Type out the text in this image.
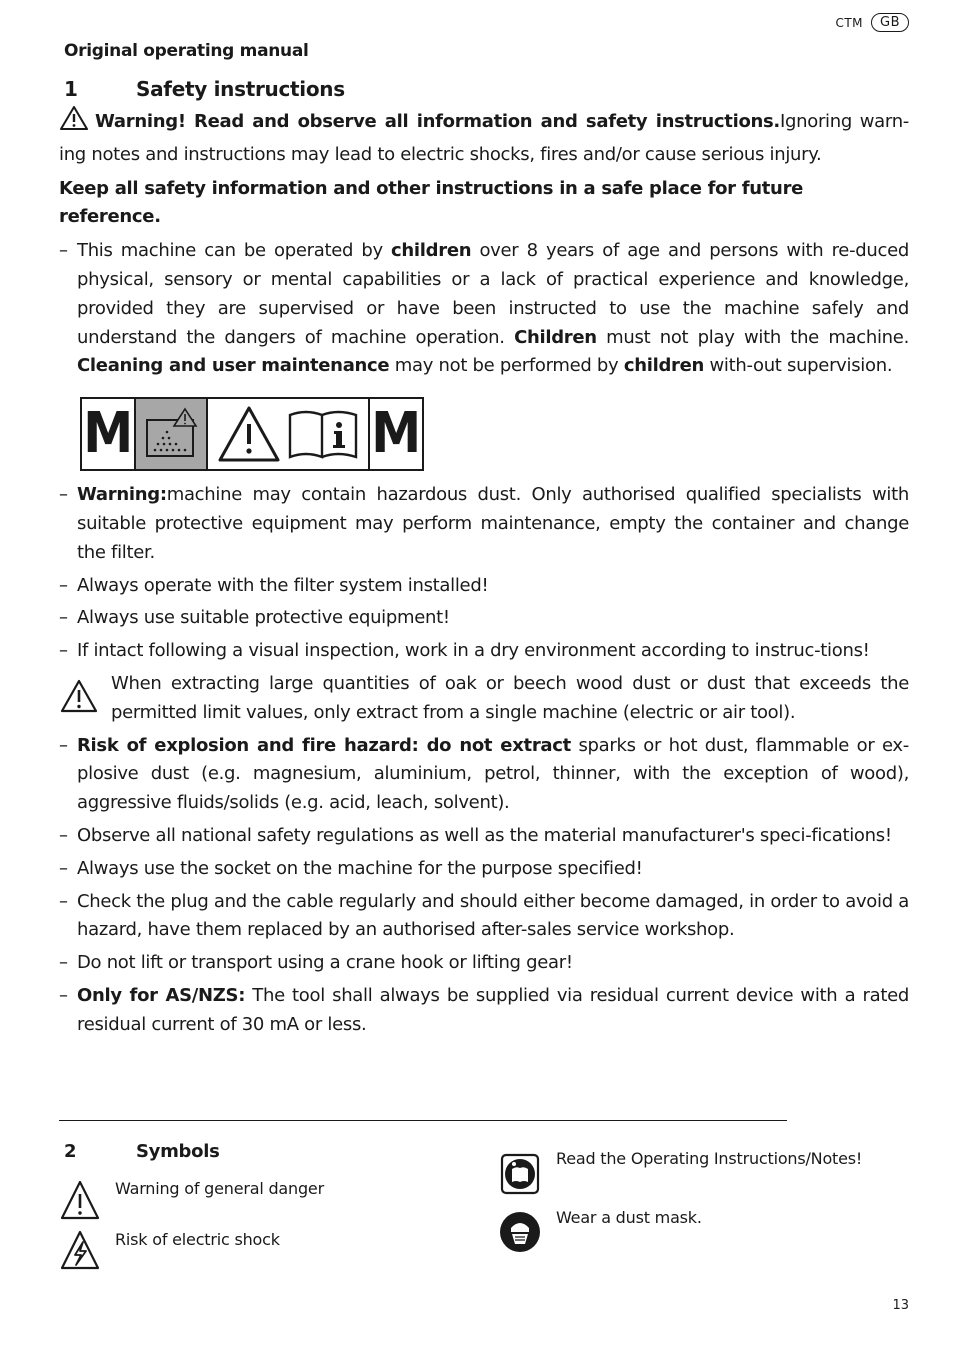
CTM	GB
Original operating manual
1	Safety instructions

Warning! Read and observe all information and safety instructions.Ignoring warn-ing notes and instructions may lead to electric shocks, fires and/or cause serious injury.

Keep all safety information and other instructions in a safe place for future reference.

– This machine can be operated by children over 8 years of age and persons with re-duced physical, sensory or mental capabilities or a lack of practical experience and knowledge, provided they are supervised or have been instructed to use the machine safely and understand the dangers of machine operation. Children must not play with the machine. Cleaning and user maintenance may not be performed by children with-out supervision.
M	M
– Warning:machine may contain hazardous dust. Only authorised qualified specialists with suitable protective equipment may perform maintenance, empty the container and change the filter.
– Always operate with the filter system installed!
– Always use suitable protective equipment!
– If intact following a visual inspection, work in a dry environment according to instruc-tions!
When extracting large quantities of oak or beech wood dust or dust that exceeds the permitted limit values, only extract from a single machine (electric or air tool).
– Risk of explosion and fire hazard: do not extract sparks or hot dust, flammable or ex-plosive dust (e.g. magnesium, aluminium, petrol, thinner, with the exception of wood), aggressive fluids/solids (e.g. acid, leach, solvent).
– Observe all national safety regulations as well as the material manufacturer's speci-fications!
– Always use the socket on the machine for the purpose specified!
– Check the plug and the cable regularly and should either become damaged, in order to avoid a hazard, have them replaced by an authorised after-sales service workshop.
– Do not lift or transport using a crane hook or lifting gear!
– Only for AS/NZS: The tool shall always be supplied via residual current device with a rated residual current of 30 mA or less.
2	Symbols
Warning of general danger
Risk of electric shock
Read the Operating Instructions/Notes!
Wear a dust mask.
13
